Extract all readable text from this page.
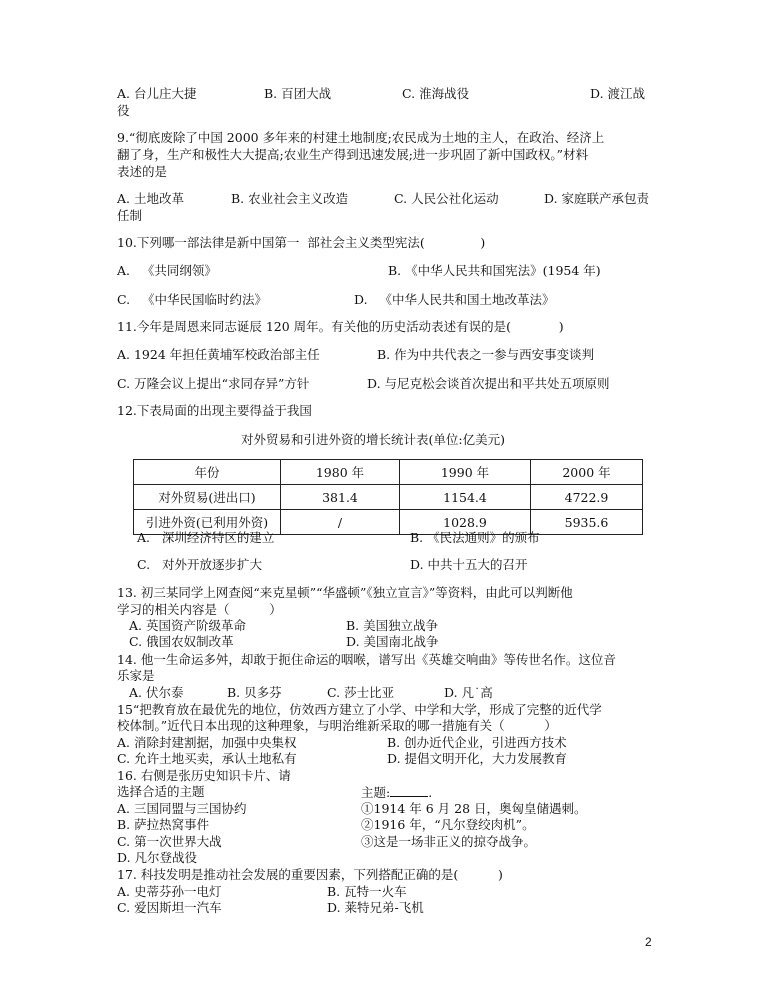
A. 台儿庄大捷	B. 百团大战	C. 淮海战役	D. 渡江战
役
9.“彻底废除了中国 2000 多年来的村建土地制度;农民成为土地的主人，在政治、经济上
翻了身，生产和极性大大提高;农业生产得到迅速发展;进一步巩固了新中国政权。”材料
表述的是
A. 土地改革	B. 农业社会主义改造	C. 人民公社化运动	D. 家庭联产承包责
任制
10.下列哪一部法律是新中国第一  部社会主义类型宪法(              )
A.   《共同纲领》	B. 《中华人民共和国宪法》(1954 年)
C.   《中华民国临时约法》	D.   《中华人民共和国土地改革法》
11.今年是周恩来同志诞辰 120 周年。有关他的历史活动表述有误的是(            )
A. 1924 年担任黄埔军校政治部主任	B. 作为中共代表之一参与西安事变谈判
C. 万隆会议上提出“求同存异”方针	D. 与尼克松会谈首次提出和平共处五项原则
12.下表局面的出现主要得益于我国
对外贸易和引进外资的增长统计表(单位:亿美元)
年份	1980 年	1990 年	2000 年
对外贸易(进出口)	381.4	1154.4	4722.9
引进外资(已利用外资)	/	1028.9	5935.6
A.   深圳经济特区的建立	B. 《民法通则》的颁布
C.   对外开放逐步扩大	D. 中共十五大的召开
13. 初三某同学上网查阅“来克星顿”“华盛顿”《独立宣言》”等资料，由此可以判断他
学习的相关内容是（          ）
A. 英国资产阶级革命	B. 美国独立战争
C. 俄国农奴制改革	D. 美国南北战争
14. 他一生命运多舛，却敢于扼住命运的咽喉，谱写出《英雄交响曲》等传世名作。这位音
乐家是
A. 伏尔泰	B. 贝多芬	C. 莎士比亚	D. 凡˙高
15“把教育放在最优先的地位，仿效西方建立了小学、中学和大学，形成了完整的近代学
校体制。”近代日本出现的这种理象，与明治维新采取的哪一措施有关（          ）
A. 消除封建割据，加强中央集权	B. 创办近代企业，引进西方技术
C. 允许土地买卖，承认土地私有	D. 提倡文明开化，大力发展教育
16. 右侧是张历史知识卡片、请
选择合适的主题	主题:	.
A. 三国同盟与三国协约	①1914 年 6 月 28 日，奥匈皇储遇刺。
B. 萨拉热窝事件	②1916 年，“凡尔登绞肉机”。
C. 第一次世界大战	③这是一场非正义的掠夺战争。
D. 凡尔登战役
17. 科技发明是推动社会发展的重要因素，下列搭配正确的是(          )
A. 史蒂芬孙一电灯	B. 瓦特一火车
C. 爱因斯坦一汽车	D. 莱特兄弟-飞机
2
